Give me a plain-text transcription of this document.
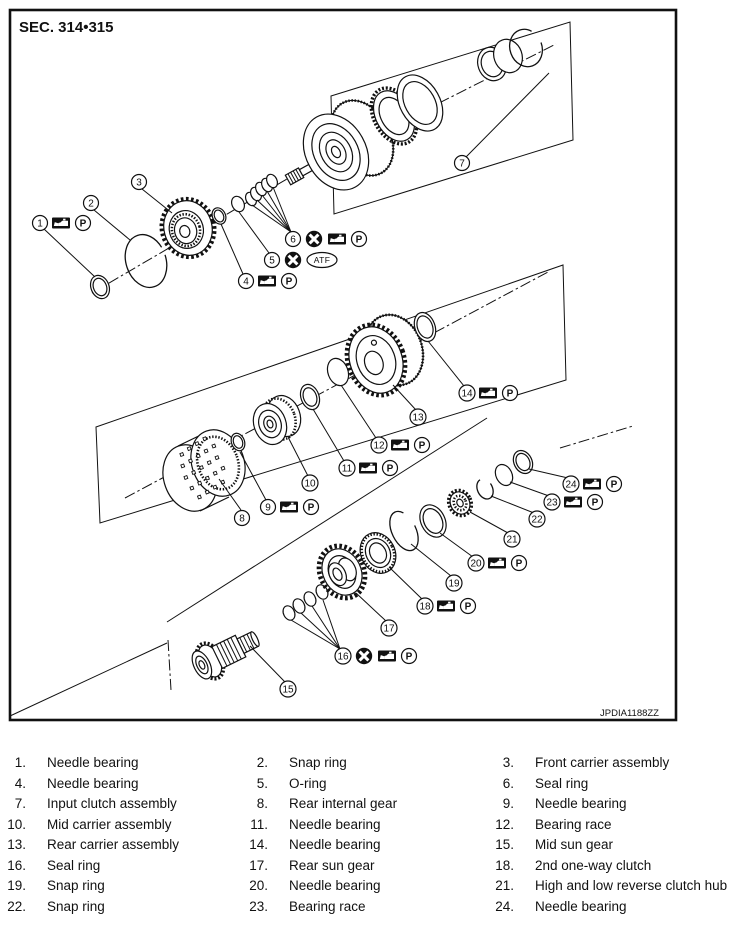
SEC. 314•315
JPDIA1188ZZ
1
2
3
4
5
6
7
8
9
10
11
12
13
14
15
16
17
18
19
20
21
22
23
24
P
P
ATF
P
P
P
P
P
P
P
P
P
P
1. Needle bearing	2. Snap ring	3. Front carrier assembly
4. Needle bearing	5. O-ring	6. Seal ring
7. Input clutch assembly	8. Rear internal gear	9. Needle bearing
10. Mid carrier assembly	11. Needle bearing	12. Bearing race
13. Rear carrier assembly	14. Needle bearing	15. Mid sun gear
16. Seal ring	17. Rear sun gear	18. 2nd one-way clutch
19. Snap ring	20. Needle bearing	21. High and low reverse clutch hub
22. Snap ring	23. Bearing race	24. Needle bearing
